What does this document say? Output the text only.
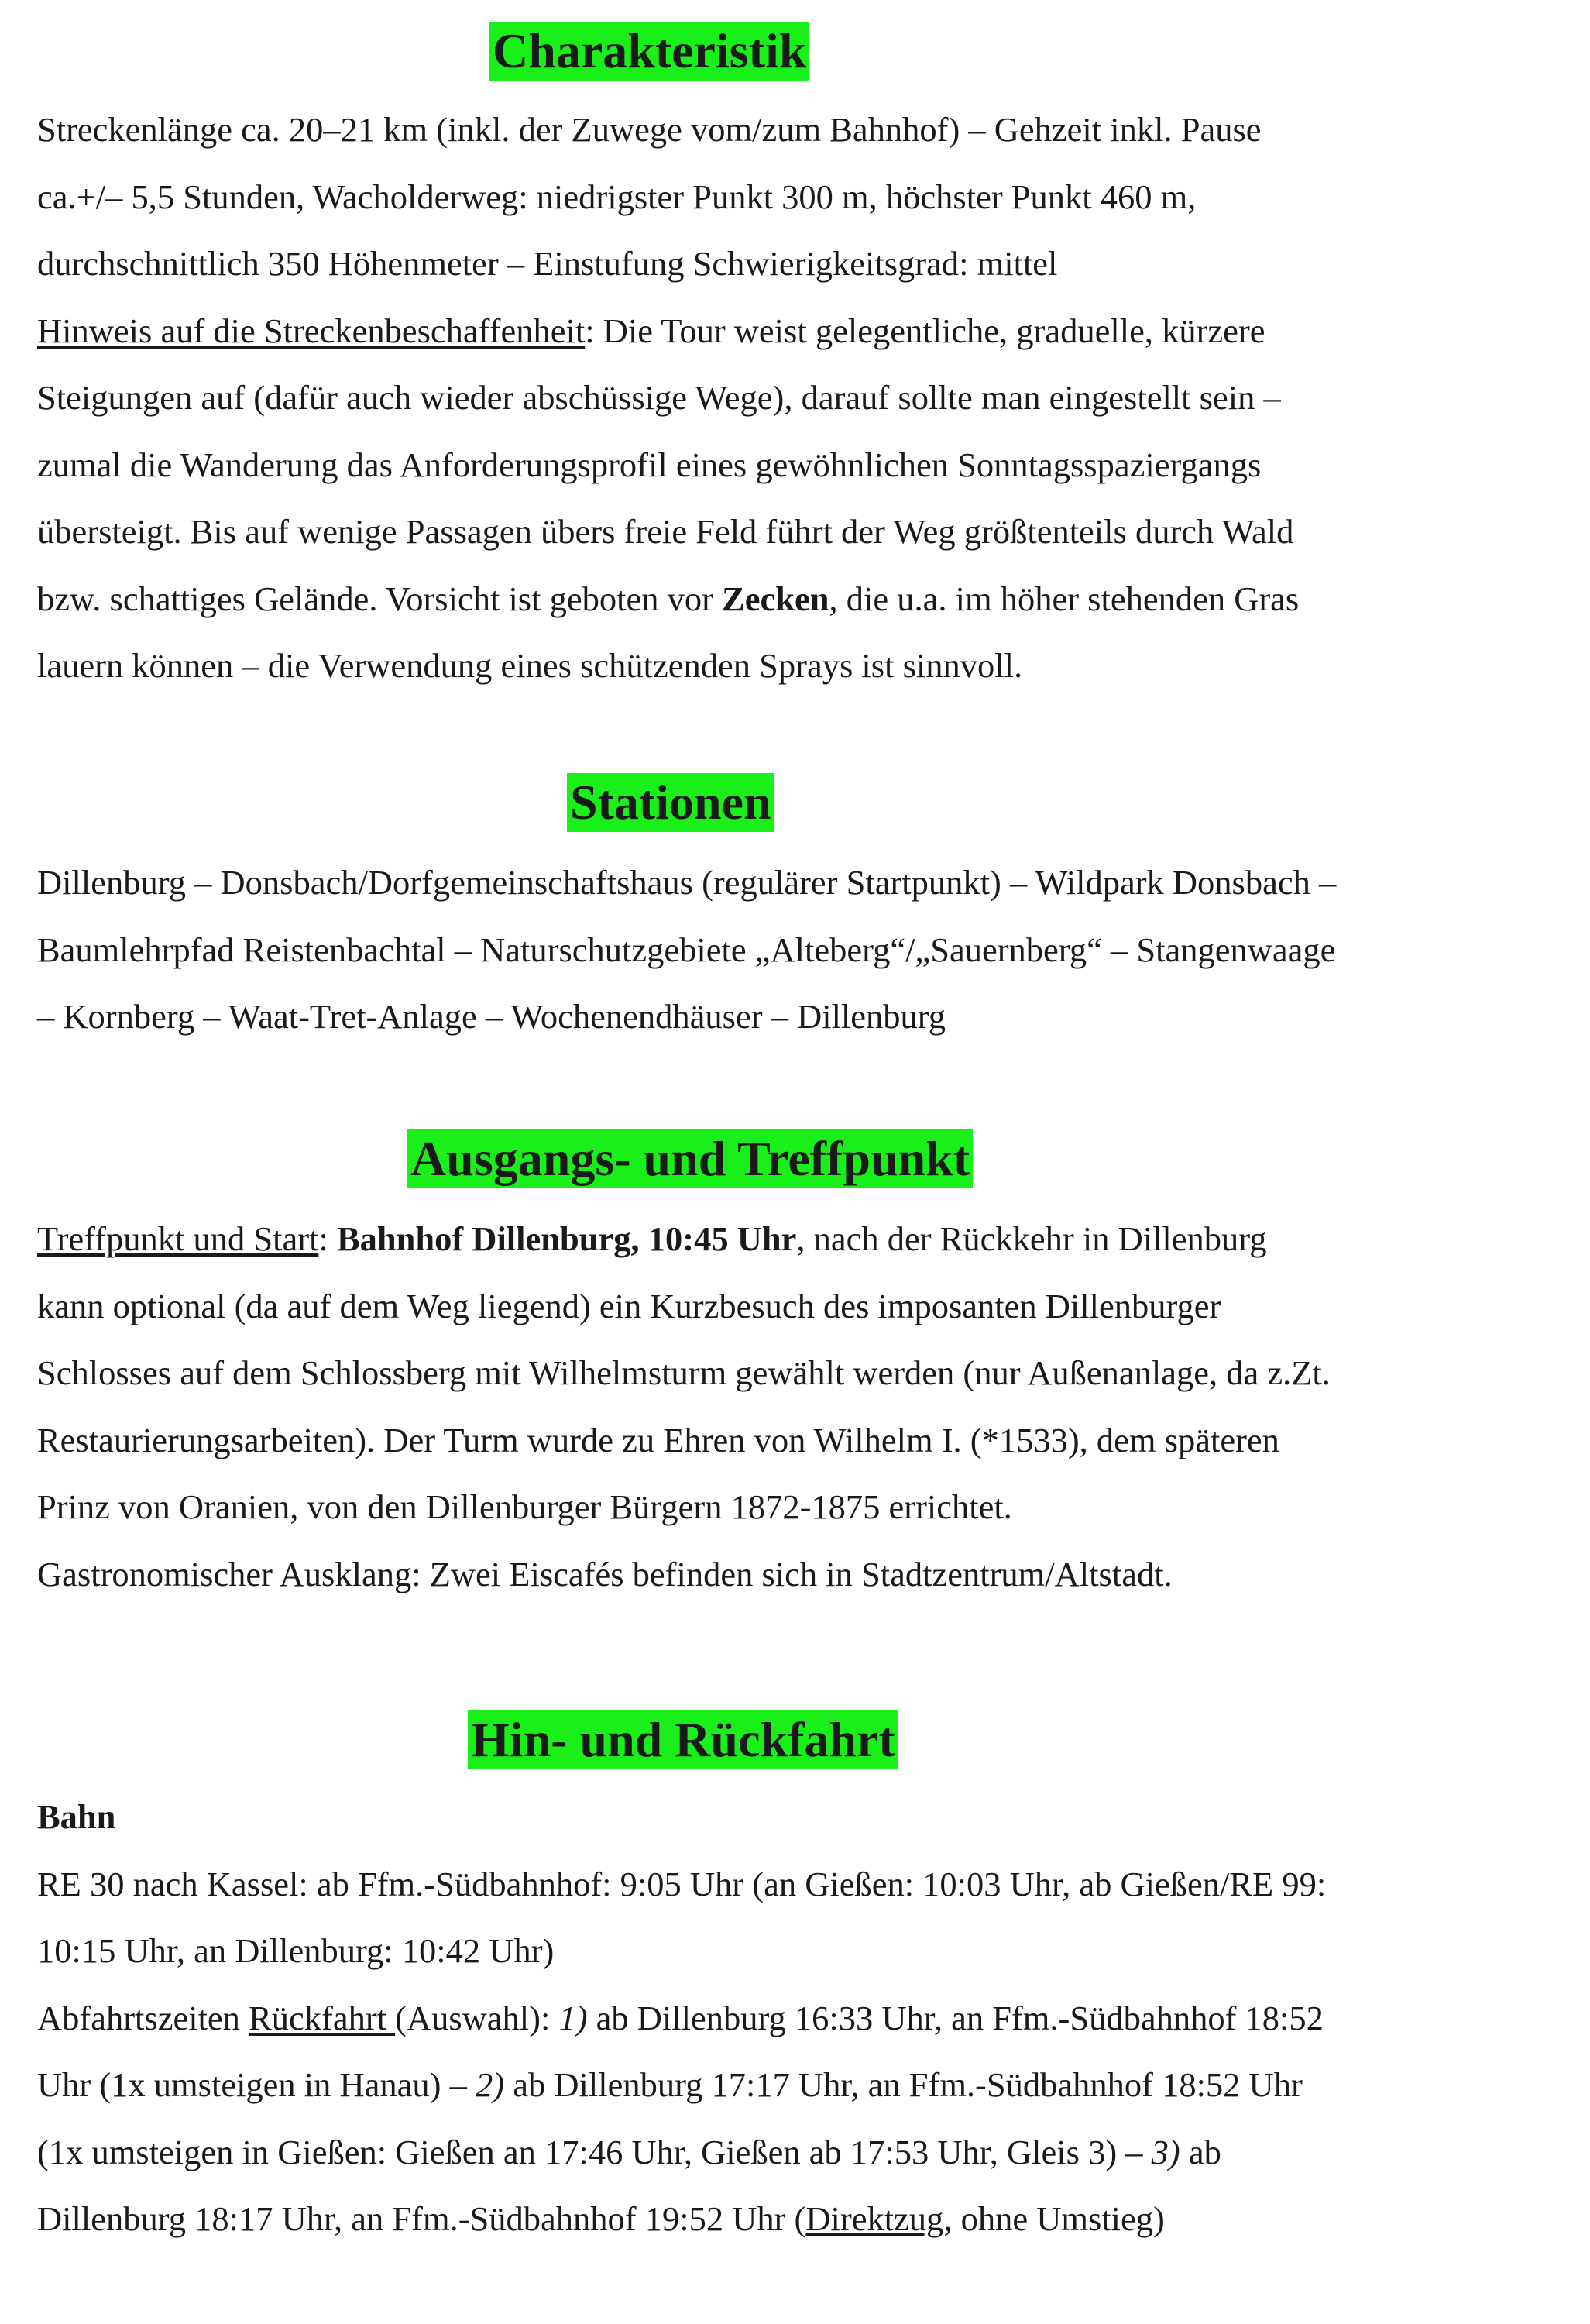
Charakteristik
Streckenlänge ca. 20–21 km (inkl. der Zuwege vom/zum Bahnhof) – Gehzeit inkl. Pause
ca.+/– 5,5 Stunden, Wacholderweg: niedrigster Punkt 300 m, höchster Punkt 460 m,
durchschnittlich 350 Höhenmeter – Einstufung Schwierigkeitsgrad: mittel
Hinweis auf die Streckenbeschaffenheit: Die Tour weist gelegentliche, graduelle, kürzere
Steigungen auf (dafür auch wieder abschüssige Wege), darauf sollte man eingestellt sein –
zumal die Wanderung das Anforderungsprofil eines gewöhnlichen Sonntagsspaziergangs
übersteigt. Bis auf wenige Passagen übers freie Feld führt der Weg größtenteils durch Wald
bzw. schattiges Gelände. Vorsicht ist geboten vor Zecken, die u.a. im höher stehenden Gras
lauern können – die Verwendung eines schützenden Sprays ist sinnvoll.
Stationen
Dillenburg – Donsbach/Dorfgemeinschaftshaus (regulärer Startpunkt) – Wildpark Donsbach –
Baumlehrpfad Reistenbachtal – Naturschutzgebiete „Alteberg“/„Sauernberg“ – Stangenwaage
– Kornberg – Waat-Tret-Anlage – Wochenendhäuser – Dillenburg
Ausgangs- und Treffpunkt
Treffpunkt und Start: Bahnhof Dillenburg, 10:45 Uhr, nach der Rückkehr in Dillenburg
kann optional (da auf dem Weg liegend) ein Kurzbesuch des imposanten Dillenburger
Schlosses auf dem Schlossberg mit Wilhelmsturm gewählt werden (nur Außenanlage, da z.Zt.
Restaurierungsarbeiten). Der Turm wurde zu Ehren von Wilhelm I. (*1533), dem späteren
Prinz von Oranien, von den Dillenburger Bürgern 1872-1875 errichtet.
Gastronomischer Ausklang: Zwei Eiscafés befinden sich in Stadtzentrum/Altstadt.
Hin- und Rückfahrt
Bahn
RE 30 nach Kassel: ab Ffm.-Südbahnhof: 9:05 Uhr (an Gießen: 10:03 Uhr, ab Gießen/RE 99:
10:15 Uhr, an Dillenburg: 10:42 Uhr)
Abfahrtszeiten Rückfahrt (Auswahl): 1) ab Dillenburg 16:33 Uhr, an Ffm.-Südbahnhof 18:52
Uhr (1x umsteigen in Hanau) – 2) ab Dillenburg 17:17 Uhr, an Ffm.-Südbahnhof 18:52 Uhr
(1x umsteigen in Gießen: Gießen an 17:46 Uhr, Gießen ab 17:53 Uhr, Gleis 3) – 3) ab
Dillenburg 18:17 Uhr, an Ffm.-Südbahnhof 19:52 Uhr (Direktzug, ohne Umstieg)
